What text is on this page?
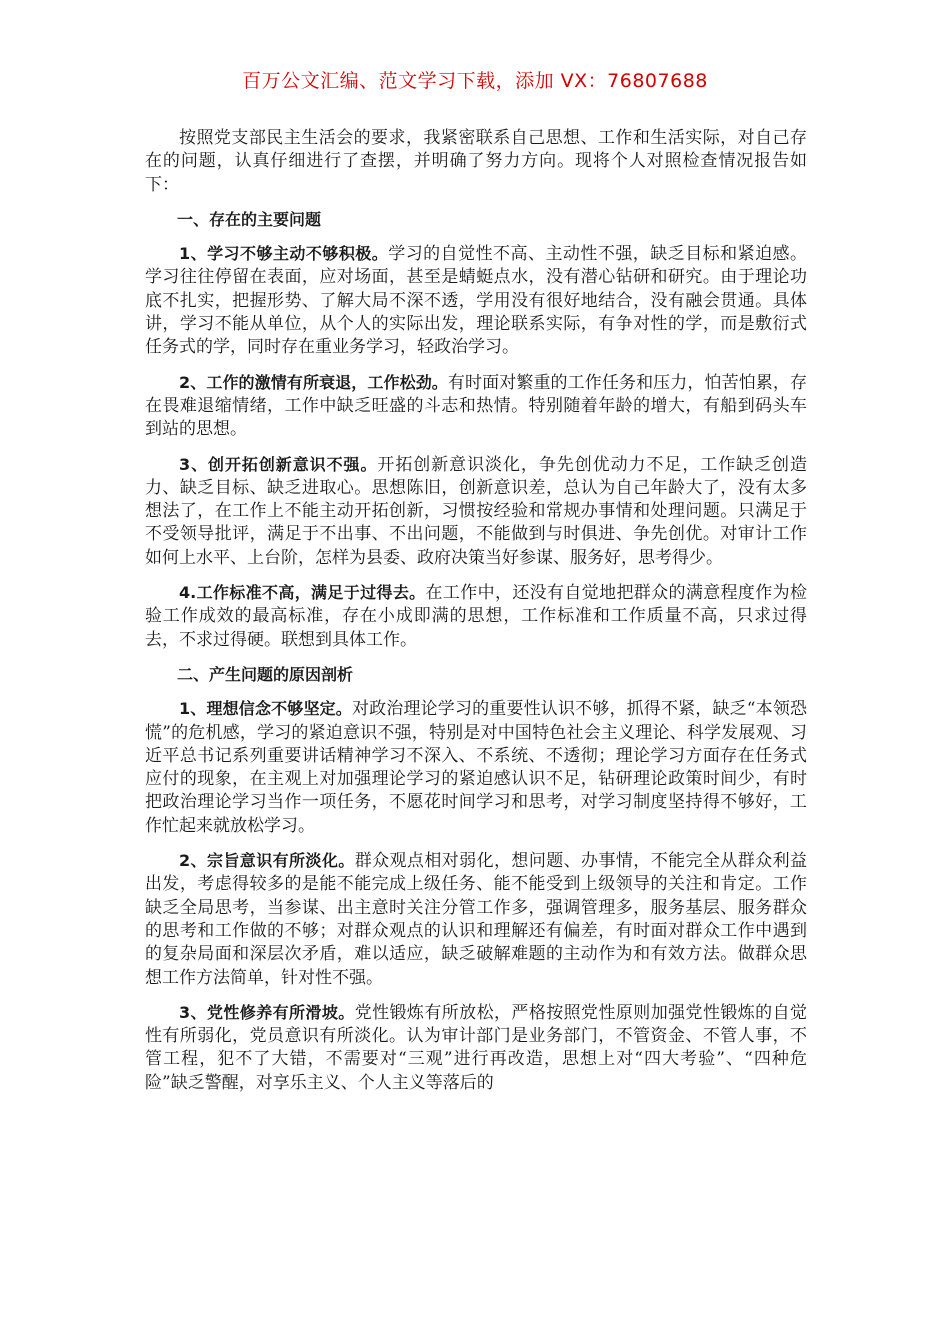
百万公文汇编、范文学习下载，添加 VX：76807688

按照党支部民主生活会的要求，我紧密联系自己思想、工作和生活实际，对自己存在的问题，认真仔细进行了查摆，并明确了努力方向。现将个人对照检查情况报告如下：

一、存在的主要问题

1、学习不够主动不够积极。学习的自觉性不高、主动性不强，缺乏目标和紧迫感。学习往往停留在表面，应对场面，甚至是蜻蜓点水，没有潜心钻研和研究。由于理论功底不扎实，把握形势、了解大局不深不透，学用没有很好地结合，没有融会贯通。具体讲，学习不能从单位，从个人的实际出发，理论联系实际，有争对性的学，而是敷衍式任务式的学，同时存在重业务学习，轻政治学习。

2、工作的激情有所衰退，工作松劲。有时面对繁重的工作任务和压力，怕苦怕累，存在畏难退缩情绪，工作中缺乏旺盛的斗志和热情。特别随着年龄的增大，有船到码头车到站的思想。

3、创开拓创新意识不强。开拓创新意识淡化，争先创优动力不足，工作缺乏创造力、缺乏目标、缺乏进取心。思想陈旧，创新意识差，总认为自己年龄大了，没有太多想法了，在工作上不能主动开拓创新，习惯按经验和常规办事情和处理问题。只满足于不受领导批评，满足于不出事、不出问题，不能做到与时俱进、争先创优。对审计工作如何上水平、上台阶，怎样为县委、政府决策当好参谋、服务好，思考得少。

4.工作标准不高，满足于过得去。在工作中，还没有自觉地把群众的满意程度作为检验工作成效的最高标准，存在小成即满的思想，工作标准和工作质量不高，只求过得去，不求过得硬。联想到具体工作。

二、产生问题的原因剖析

1、理想信念不够坚定。对政治理论学习的重要性认识不够，抓得不紧，缺乏“本领恐慌”的危机感，学习的紧迫意识不强，特别是对中国特色社会主义理论、科学发展观、习近平总书记系列重要讲话精神学习不深入、不系统、不透彻；理论学习方面存在任务式应付的现象，在主观上对加强理论学习的紧迫感认识不足，钻研理论政策时间少，有时把政治理论学习当作一项任务，不愿花时间学习和思考，对学习制度坚持得不够好，工作忙起来就放松学习。

2、宗旨意识有所淡化。群众观点相对弱化，想问题、办事情，不能完全从群众利益出发，考虑得较多的是能不能完成上级任务、能不能受到上级领导的关注和肯定。工作缺乏全局思考，当参谋、出主意时关注分管工作多，强调管理多，服务基层、服务群众的思考和工作做的不够；对群众观点的认识和理解还有偏差，有时面对群众工作中遇到的复杂局面和深层次矛盾，难以适应，缺乏破解难题的主动作为和有效方法。做群众思想工作方法简单，针对性不强。

3、党性修养有所滑坡。党性锻炼有所放松，严格按照党性原则加强党性锻炼的自觉性有所弱化，党员意识有所淡化。认为审计部门是业务部门，不管资金、不管人事，不管工程，犯不了大错，不需要对“三观”进行再改造，思想上对“四大考验”、“四种危险”缺乏警醒，对享乐主义、个人主义等落后的
